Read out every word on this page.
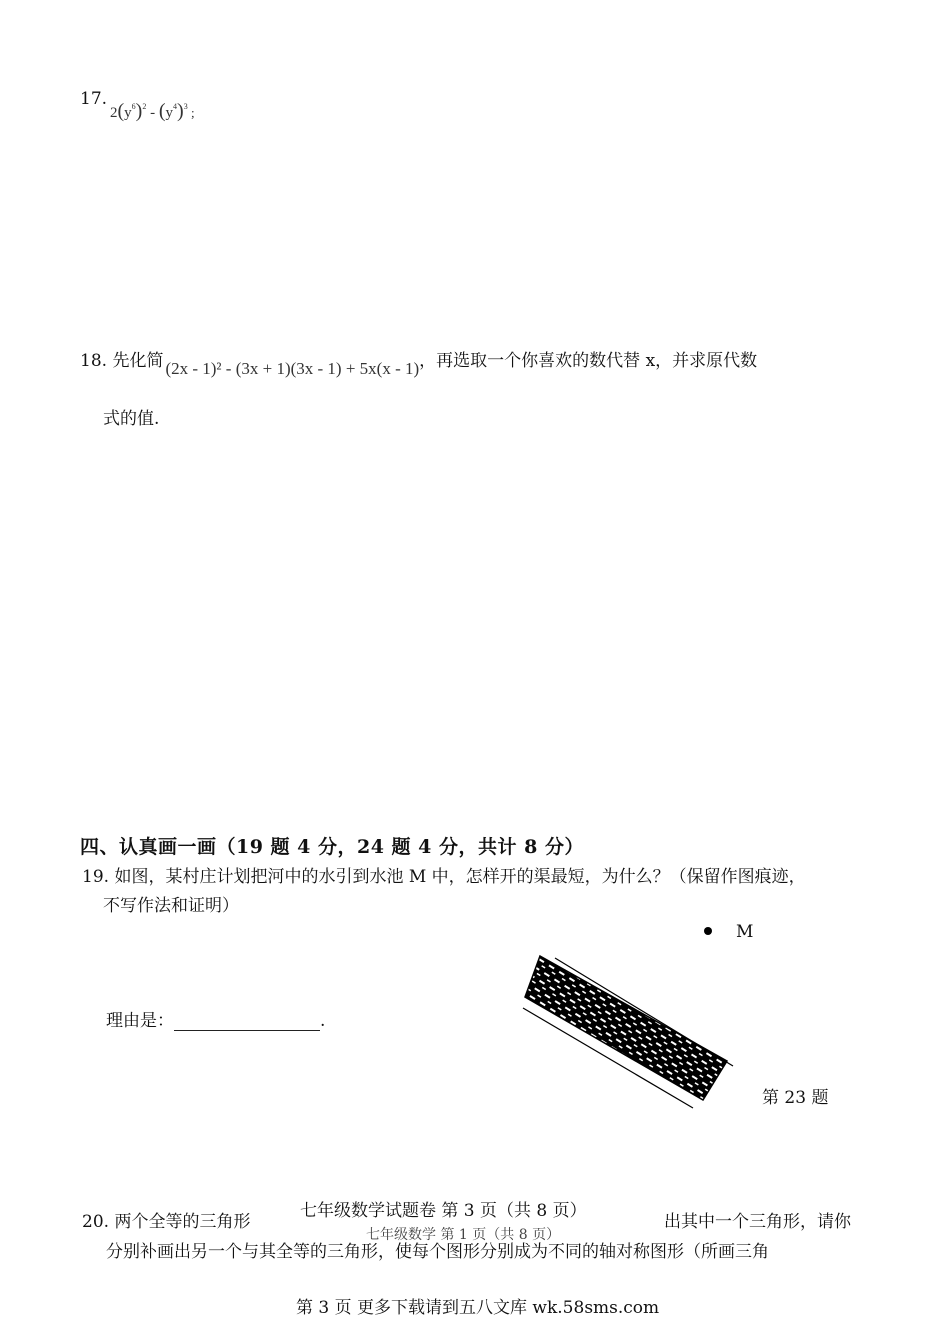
17.
$2(y^6)^2 - (y^4)^3$ ;
18. 先化简 (2x - 1)² - (3x + 1)(3x - 1) + 5x(x - 1)，再选取一个你喜欢的数代替 x，并求原代数
式的值.
四、认真画一画（19 题 4 分，24 题 4 分，共计 8 分）
19. 如图，某村庄计划把河中的水引到水池 M 中，怎样开的渠最短，为什么？（保留作图痕迹，
不写作法和证明）
理由是：	.
M
第 23 题
20. 两个全等的三角形	出其中一个三角形，请你
分别补画出另一个与其全等的三角形，使每个图形分别成为不同的轴对称图形（所画三角
七年级数学 第 1 页（共 8 页）
七年级数学试题卷 第 3 页（共 8 页）
第 3 页 更多下载请到五八文库 wk.58sms.com
